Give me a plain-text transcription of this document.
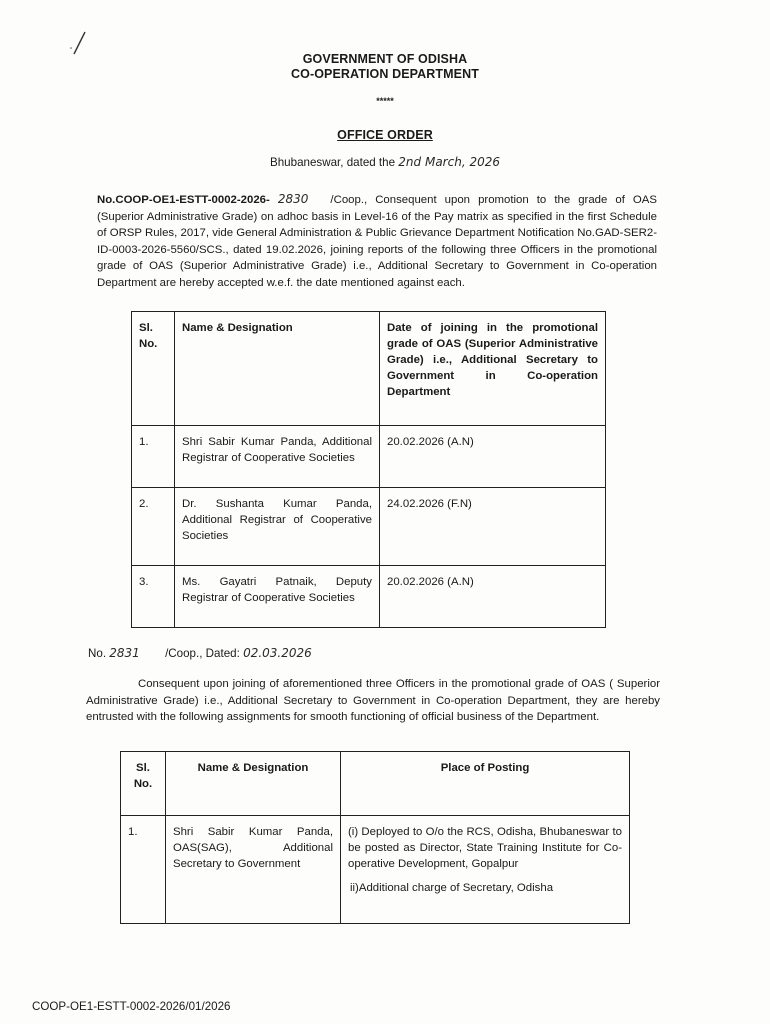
GOVERNMENT OF ODISHA
CO-OPERATION DEPARTMENT
*****
OFFICE ORDER
Bhubaneswar, dated the 2nd March, 2026
No.COOP-OE1-ESTT-0002-2026- 2830 /Coop., Consequent upon promotion to the grade of OAS (Superior Administrative Grade) on adhoc basis in Level-16 of the Pay matrix as specified in the first Schedule of ORSP Rules, 2017, vide General Administration & Public Grievance Department Notification No.GAD-SER2-ID-0003-2026-5560/SCS., dated 19.02.2026, joining reports of the following three Officers in the promotional grade of OAS (Superior Administrative Grade) i.e., Additional Secretary to Government in Co-operation Department are hereby accepted w.e.f. the date mentioned against each.
Sl. No.	Name & Designation	Date of joining in the promotional grade of OAS (Superior Administrative Grade) i.e., Additional Secretary to Government in Co-operation Department
1.	Shri Sabir Kumar Panda, Additional Registrar of Cooperative Societies	20.02.2026 (A.N)
2.	Dr. Sushanta Kumar Panda, Additional Registrar of Cooperative Societies	24.02.2026 (F.N)
3.	Ms. Gayatri Patnaik, Deputy Registrar of Cooperative Societies	20.02.2026 (A.N)
No. 2831 /Coop., Dated: 02.03.2026
Consequent upon joining of aforementioned three Officers in the promotional grade of OAS ( Superior Administrative Grade) i.e., Additional Secretary to Government in Co-operation Department, they are hereby entrusted with the following assignments for smooth functioning of official business of the Department.
Sl. No.	Name & Designation	Place of Posting
1.	Shri Sabir Kumar Panda, OAS(SAG), Additional Secretary to Government	(i) Deployed to O/o the RCS, Odisha, Bhubaneswar to be posted as Director, State Training Institute for Co-operative Development, Gopalpur
ii)Additional charge of Secretary, Odisha
COOP-OE1-ESTT-0002-2026/01/2026
